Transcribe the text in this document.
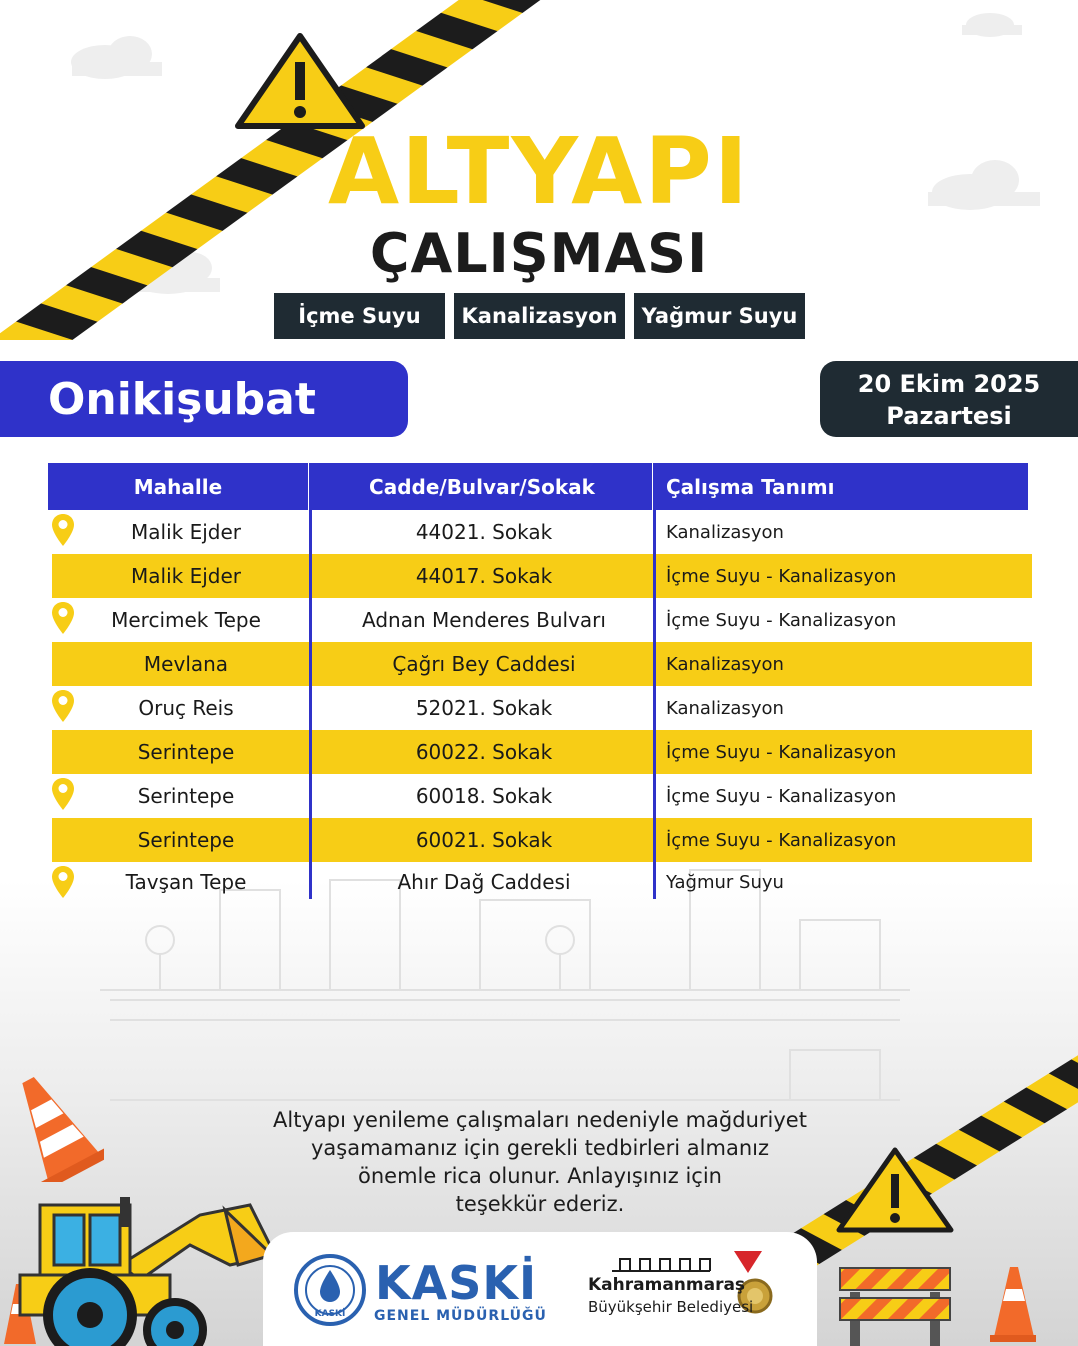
ALTYAPI
ÇALIŞMASI
İçme Suyu	Kanalizasyon	Yağmur Suyu
Onikişubat	20 Ekim 2025
Pazartesi
Mahalle	Cadde/Bulvar/Sokak	Çalışma Tanımı
Malik Ejder	44021. Sokak	Kanalizasyon
Malik Ejder	44017. Sokak	İçme Suyu - Kanalizasyon
Mercimek Tepe	Adnan Menderes Bulvarı	İçme Suyu - Kanalizasyon
Mevlana	Çağrı Bey Caddesi	Kanalizasyon
Oruç Reis	52021. Sokak	Kanalizasyon
Serintepe	60022. Sokak	İçme Suyu - Kanalizasyon
Serintepe	60018. Sokak	İçme Suyu - Kanalizasyon
Serintepe	60021. Sokak	İçme Suyu - Kanalizasyon
Tavşan Tepe	Ahır Dağ Caddesi	Yağmur Suyu
Altyapı yenileme çalışmaları nedeniyle mağduriyet
yaşamamanız için gerekli tedbirleri almanız
önemle rica olunur. Anlayışınız için
teşekkür ederiz.
KASKİ
KASKİ
GENEL MÜDÜRLÜĞÜ
Kahramanmaraş
Büyükşehir Belediyesi
